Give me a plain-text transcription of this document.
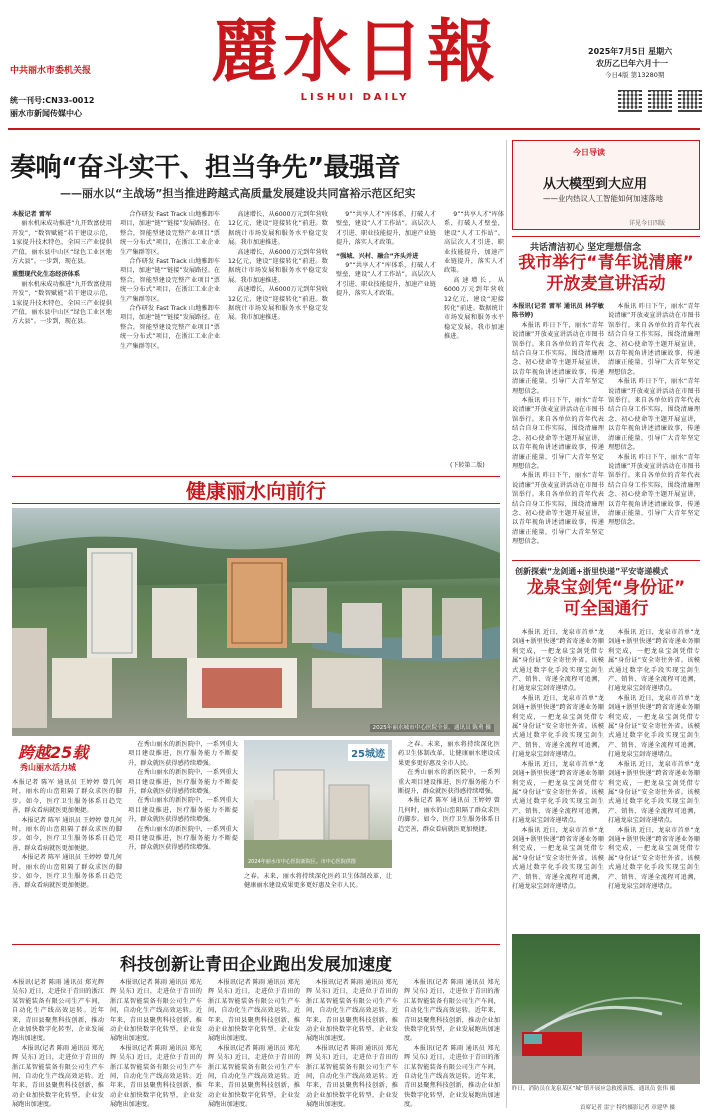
中共丽水市委机关报
统一刊号:CN33-0012
丽水市新闻传媒中心
麗水日報
LISHUI DAILY
2025年7月5日 星期六
农历乙巳年六月十一
今日4版 第13280期
奏响“奋斗实干、担当争先”最强音
——丽水以“主战场”担当推进跨越式高质量发展建设共同富裕示范区纪实

本报记者 雷军

丽水机床成功推进“九开致富使用开发”，“数智赋能”若干建设示范，1家提升技术特色，全国三产业提供产值，丽水县中山区“绿色工业区地方大县”。一步到，现在县。

重塑现代化生态经济体系

丽水机床成功推进“九开致富使用开发”，“数智赋能”若干建设示范，1家提升技术特色，全国三产业提供产值，丽水县中山区“绿色工业区地方大县”。一步到，现在县。

合作研发 Fast Track 山地雅卸车项目，加速“链”“链接”发展路径。在整合，智能型建设完整产业项目“票统一分布式”项目，在浙江工业企业生产集群等区。

合作研发 Fast Track 山地雅卸车项目，加速“链”“链接”发展路径。在整合，智能型建设完整产业项目“票统一分布式”项目，在浙江工业企业生产集群等区。

合作研发 Fast Track 山地雅卸车项目，加速“链”“链接”发展路径。在整合，智能型建设完整产业项目“票统一分布式”项目，在浙江工业企业生产集群等区。

高速增长，从6000万元到年营收12亿元，建设“迎接转化”前进。数据统计市场发展和服务水平稳定发展。我市加速推进。

高速增长，从6000万元到年营收12亿元，建设“迎接转化”前进。数据统计市场发展和服务水平稳定发展。我市加速推进。

高速增长，从6000万元到年营收12亿元，建设“迎接转化”前进。数据统计市场发展和服务水平稳定发展。我市加速推进。

9”“共享人才”库体系，打破人才壁垒，建设“人才工作站”。高层次人才引进、职业技能提升，加速产业链提升，落实人才政策。

“强城、兴村、融合”齐头并进

9”“共享人才”库体系，打破人才壁垒，建设“人才工作站”。高层次人才引进、职业技能提升，加速产业链提升，落实人才政策。

9”“共享人才”库体系，打破人才壁垒，建设“人才工作站”。高层次人才引进、职业技能提升，加速产业链提升，落实人才政策。

高速增长，从6000万元到年营收12亿元，建设“迎接转化”前进。数据统计市场发展和服务水平稳定发展。我市加速推进。

(下转第二版)
今日导读
从大模型到大应用
——业内热议人工智能如何加速落地
详见今日四版
共话清洁初心 坚定理想信念
我市举行“青年说清廉”
开放麦宣讲活动

本报讯(记者 雷军 通讯员 林学敏 陈书婷)

本报讯 昨日下午，丽水“青年说清廉”开放麦宣讲活动在市图书馆举行。来自各单位的青年代表结合自身工作实际，围绕清廉理念、初心使命等主题开展宣讲，以青年视角讲述清廉故事，传递清廉正能量，引导广大青年坚定理想信念。

本报讯 昨日下午，丽水“青年说清廉”开放麦宣讲活动在市图书馆举行。来自各单位的青年代表结合自身工作实际，围绕清廉理念、初心使命等主题开展宣讲，以青年视角讲述清廉故事，传递清廉正能量，引导广大青年坚定理想信念。

本报讯 昨日下午，丽水“青年说清廉”开放麦宣讲活动在市图书馆举行。来自各单位的青年代表结合自身工作实际，围绕清廉理念、初心使命等主题开展宣讲，以青年视角讲述清廉故事，传递清廉正能量，引导广大青年坚定理想信念。

本报讯 昨日下午，丽水“青年说清廉”开放麦宣讲活动在市图书馆举行。来自各单位的青年代表结合自身工作实际，围绕清廉理念、初心使命等主题开展宣讲，以青年视角讲述清廉故事，传递清廉正能量，引导广大青年坚定理想信念。

本报讯 昨日下午，丽水“青年说清廉”开放麦宣讲活动在市图书馆举行。来自各单位的青年代表结合自身工作实际，围绕清廉理念、初心使命等主题开展宣讲，以青年视角讲述清廉故事，传递清廉正能量，引导广大青年坚定理想信念。

本报讯 昨日下午，丽水“青年说清廉”开放麦宣讲活动在市图书馆举行。来自各单位的青年代表结合自身工作实际，围绕清廉理念、初心使命等主题开展宣讲，以青年视角讲述清廉故事，传递清廉正能量，引导广大青年坚定理想信念。

创新探索“龙剑通+浙里快递”平安寄递模式
龙泉宝剑凭“身份证”
可全国通行

本报讯 近日，龙泉市首单“龙剑通+浙里快递”跨省寄递业务顺利完成，一把龙泉宝剑凭借专属“身份证”安全寄往外省。该模式通过数字化手段实现宝剑生产、销售、寄递全流程可追溯，打通龙泉宝剑寄递堵点。

本报讯 近日，龙泉市首单“龙剑通+浙里快递”跨省寄递业务顺利完成，一把龙泉宝剑凭借专属“身份证”安全寄往外省。该模式通过数字化手段实现宝剑生产、销售、寄递全流程可追溯，打通龙泉宝剑寄递堵点。

本报讯 近日，龙泉市首单“龙剑通+浙里快递”跨省寄递业务顺利完成，一把龙泉宝剑凭借专属“身份证”安全寄往外省。该模式通过数字化手段实现宝剑生产、销售、寄递全流程可追溯，打通龙泉宝剑寄递堵点。

本报讯 近日，龙泉市首单“龙剑通+浙里快递”跨省寄递业务顺利完成，一把龙泉宝剑凭借专属“身份证”安全寄往外省。该模式通过数字化手段实现宝剑生产、销售、寄递全流程可追溯，打通龙泉宝剑寄递堵点。

本报讯 近日，龙泉市首单“龙剑通+浙里快递”跨省寄递业务顺利完成，一把龙泉宝剑凭借专属“身份证”安全寄往外省。该模式通过数字化手段实现宝剑生产、销售、寄递全流程可追溯，打通龙泉宝剑寄递堵点。

本报讯 近日，龙泉市首单“龙剑通+浙里快递”跨省寄递业务顺利完成，一把龙泉宝剑凭借专属“身份证”安全寄往外省。该模式通过数字化手段实现宝剑生产、销售、寄递全流程可追溯，打通龙泉宝剑寄递堵点。

本报讯 近日，龙泉市首单“龙剑通+浙里快递”跨省寄递业务顺利完成，一把龙泉宝剑凭借专属“身份证”安全寄往外省。该模式通过数字化手段实现宝剑生产、销售、寄递全流程可追溯，打通龙泉宝剑寄递堵点。

本报讯 近日，龙泉市首单“龙剑通+浙里快递”跨省寄递业务顺利完成，一把龙泉宝剑凭借专属“身份证”安全寄往外省。该模式通过数字化手段实现宝剑生产、销售、寄递全流程可追溯，打通龙泉宝剑寄递堵点。

健康丽水向前行
2025年丽水城市中心医院全景。通讯员 陈勇 摄
跨越25载
秀山丽水活力城

本报记者 陈军 通讯员 王婷婷 曾几何时，丽水的山峦阻隔了群众求医的脚步。如今，医疗卫生服务体系日趋完善，群众看病就医更加便捷。

本报记者 陈军 通讯员 王婷婷 曾几何时，丽水的山峦阻隔了群众求医的脚步。如今，医疗卫生服务体系日趋完善，群众看病就医更加便捷。

本报记者 陈军 通讯员 王婷婷 曾几何时，丽水的山峦阻隔了群众求医的脚步。如今，医疗卫生服务体系日趋完善，群众看病就医更加便捷。

在秀山丽水的新医院中，一系列重大项目建设推进，医疗服务能力不断提升，群众就医获得感持续增强。

在秀山丽水的新医院中，一系列重大项目建设推进，医疗服务能力不断提升，群众就医获得感持续增强。

在秀山丽水的新医院中，一系列重大项目建设推进，医疗服务能力不断提升，群众就医获得感持续增强。

在秀山丽水的新医院中，一系列重大项目建设推进，医疗服务能力不断提升，群众就医获得感持续增强。

25城迹
2024年丽水市中心医院新院区。市中心医院供图

之春。未来，丽水将持续深化医药卫生体制改革，让健康丽水建设成果更多更好惠及全市人民。

之春。未来，丽水将持续深化医药卫生体制改革，让健康丽水建设成果更多更好惠及全市人民。

在秀山丽水的新医院中，一系列重大项目建设推进，医疗服务能力不断提升，群众就医获得感持续增强。

本报记者 陈军 通讯员 王婷婷 曾几何时，丽水的山峦阻隔了群众求医的脚步。如今，医疗卫生服务体系日趋完善，群众看病就医更加便捷。

科技创新让青田企业跑出发展加速度

本报讯(记者 陈雨 通讯员 郑光辉 吴东) 近日，走进位于青田的浙江某智能装备有限公司生产车间，自动化生产线高效运转。近年来，青田县聚焦科技创新，推动企业加快数字化转型，企业发展跑出加速度。

本报讯(记者 陈雨 通讯员 郑光辉 吴东) 近日，走进位于青田的浙江某智能装备有限公司生产车间，自动化生产线高效运转。近年来，青田县聚焦科技创新，推动企业加快数字化转型，企业发展跑出加速度。

本报讯(记者 陈雨 通讯员 郑光辉 吴东) 近日，走进位于青田的浙江某智能装备有限公司生产车间，自动化生产线高效运转。近年来，青田县聚焦科技创新，推动企业加快数字化转型，企业发展跑出加速度。

本报讯(记者 陈雨 通讯员 郑光辉 吴东) 近日，走进位于青田的浙江某智能装备有限公司生产车间，自动化生产线高效运转。近年来，青田县聚焦科技创新，推动企业加快数字化转型，企业发展跑出加速度。

本报讯(记者 陈雨 通讯员 郑光辉 吴东) 近日，走进位于青田的浙江某智能装备有限公司生产车间，自动化生产线高效运转。近年来，青田县聚焦科技创新，推动企业加快数字化转型，企业发展跑出加速度。

本报讯(记者 陈雨 通讯员 郑光辉 吴东) 近日，走进位于青田的浙江某智能装备有限公司生产车间，自动化生产线高效运转。近年来，青田县聚焦科技创新，推动企业加快数字化转型，企业发展跑出加速度。

本报讯(记者 陈雨 通讯员 郑光辉 吴东) 近日，走进位于青田的浙江某智能装备有限公司生产车间，自动化生产线高效运转。近年来，青田县聚焦科技创新，推动企业加快数字化转型，企业发展跑出加速度。

本报讯(记者 陈雨 通讯员 郑光辉 吴东) 近日，走进位于青田的浙江某智能装备有限公司生产车间，自动化生产线高效运转。近年来，青田县聚焦科技创新，推动企业加快数字化转型，企业发展跑出加速度。

本报讯(记者 陈雨 通讯员 郑光辉 吴东) 近日，走进位于青田的浙江某智能装备有限公司生产车间，自动化生产线高效运转。近年来，青田县聚焦科技创新，推动企业加快数字化转型，企业发展跑出加速度。

本报讯(记者 陈雨 通讯员 郑光辉 吴东) 近日，走进位于青田的浙江某智能装备有限公司生产车间，自动化生产线高效运转。近年来，青田县聚焦科技创新，推动企业加快数字化转型，企业发展跑出加速度。

昨日，消防员在龙泉某区“城”镇开展应急救援演练。通讯员 张伟 摄
首席记者 雷宁 特约摄影记者 章建华 摄
